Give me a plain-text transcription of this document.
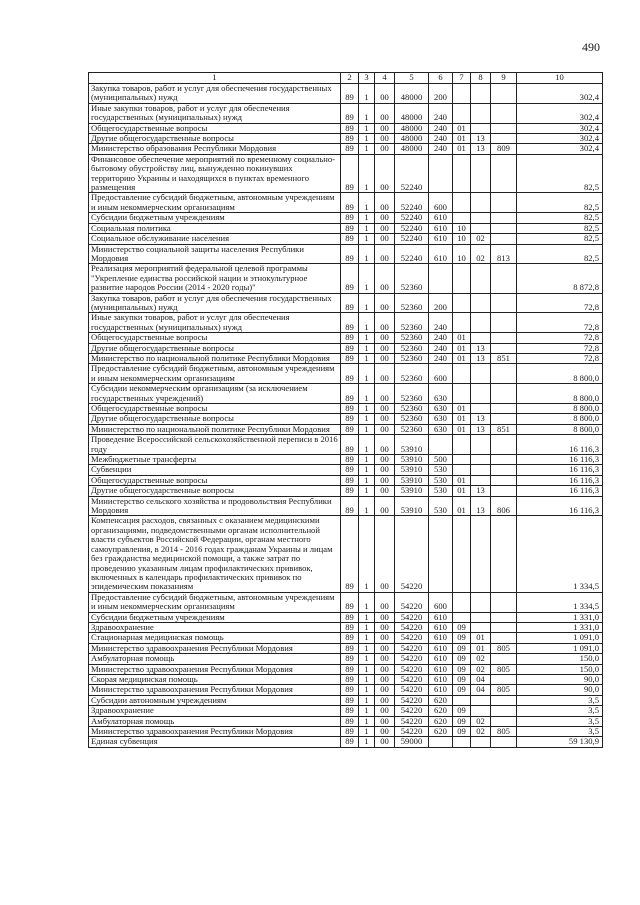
490
1	2	3	4	5	6	7	8	9	10
Закупка товаров, работ и услуг для обеспечения государственных (муниципальных) нужд	89	1	00	48000	200				302,4
Иные закупки товаров, работ и услуг для обеспечения государственных (муниципальных) нужд	89	1	00	48000	240				302,4
Общегосударственные вопросы	89	1	00	48000	240	01			302,4
Другие общегосударственные вопросы	89	1	00	48000	240	01	13		302,4
Министерство образования Республики Мордовия	89	1	00	48000	240	01	13	809	302,4
Финансовое обеспечение мероприятий по временному социально-бытовому обустройству лиц, вынужденно покинувших территорию Украины и находящихся в пунктах временного размещения	89	1	00	52240					82,5
Предоставление субсидий бюджетным, автономным учреждениям и иным некоммерческим организациям	89	1	00	52240	600				82,5
Субсидии бюджетным учреждениям	89	1	00	52240	610				82,5
Социальная политика	89	1	00	52240	610	10			82,5
Социальное обслуживание населения	89	1	00	52240	610	10	02		82,5
Министерство социальной защиты населения Республики Мордовия	89	1	00	52240	610	10	02	813	82,5
Реализация мероприятий федеральной целевой программы "Укрепление единства российской нации и этнокультурное развитие народов России (2014 - 2020 годы)"	89	1	00	52360					8 872,8
Закупка товаров, работ и услуг для обеспечения государственных (муниципальных) нужд	89	1	00	52360	200				72,8
Иные закупки товаров, работ и услуг для обеспечения государственных (муниципальных) нужд	89	1	00	52360	240				72,8
Общегосударственные вопросы	89	1	00	52360	240	01			72,8
Другие общегосударственные вопросы	89	1	00	52360	240	01	13		72,8
Министерство по национальной политике Республики Мордовия	89	1	00	52360	240	01	13	851	72,8
Предоставление субсидий бюджетным, автономным учреждениям и иным некоммерческим организациям	89	1	00	52360	600				8 800,0
Субсидии некоммерческим организациям (за исключением государственных учреждений)	89	1	00	52360	630				8 800,0
Общегосударственные вопросы	89	1	00	52360	630	01			8 800,0
Другие общегосударственные вопросы	89	1	00	52360	630	01	13		8 800,0
Министерство по национальной политике Республики Мордовия	89	1	00	52360	630	01	13	851	8 800,0
Проведение Всероссийской сельскохозяйственной переписи в 2016 году	89	1	00	53910					16 116,3
Межбюджетные трансферты	89	1	00	53910	500				16 116,3
Субвенции	89	1	00	53910	530				16 116,3
Общегосударственные вопросы	89	1	00	53910	530	01			16 116,3
Другие общегосударственные вопросы	89	1	00	53910	530	01	13		16 116,3
Министерство сельского хозяйства и продовольствия Республики Мордовия	89	1	00	53910	530	01	13	806	16 116,3
Компенсация расходов, связанных с оказанием медицинскими организациями, подведомственными органам исполнительной власти субъектов Российской Федерации, органам местного самоуправления, в 2014 - 2016 годах гражданам Украины и лицам без гражданства медицинской помощи, а также затрат по проведению указанным лицам профилактических прививок, включенных в календарь профилактических прививок по эпидемическим показаниям	89	1	00	54220					1 334,5
Предоставление субсидий бюджетным, автономным учреждениям и иным некоммерческим организациям	89	1	00	54220	600				1 334,5
Субсидии бюджетным учреждениям	89	1	00	54220	610				1 331,0
Здравоохранение	89	1	00	54220	610	09			1 331,0
Стационарная медицинская помощь	89	1	00	54220	610	09	01		1 091,0
Министерство здравоохранения Республики Мордовия	89	1	00	54220	610	09	01	805	1 091,0
Амбулаторная помощь	89	1	00	54220	610	09	02		150,0
Министерство здравоохранения Республики Мордовия	89	1	00	54220	610	09	02	805	150,0
Скорая медицинская помощь	89	1	00	54220	610	09	04		90,0
Министерство здравоохранения Республики Мордовия	89	1	00	54220	610	09	04	805	90,0
Субсидии автономным учреждениям	89	1	00	54220	620				3,5
Здравоохранение	89	1	00	54220	620	09			3,5
Амбулаторная помощь	89	1	00	54220	620	09	02		3,5
Министерство здравоохранения Республики Мордовия	89	1	00	54220	620	09	02	805	3,5
Единая субвенция	89	1	00	59000					59 130,9
